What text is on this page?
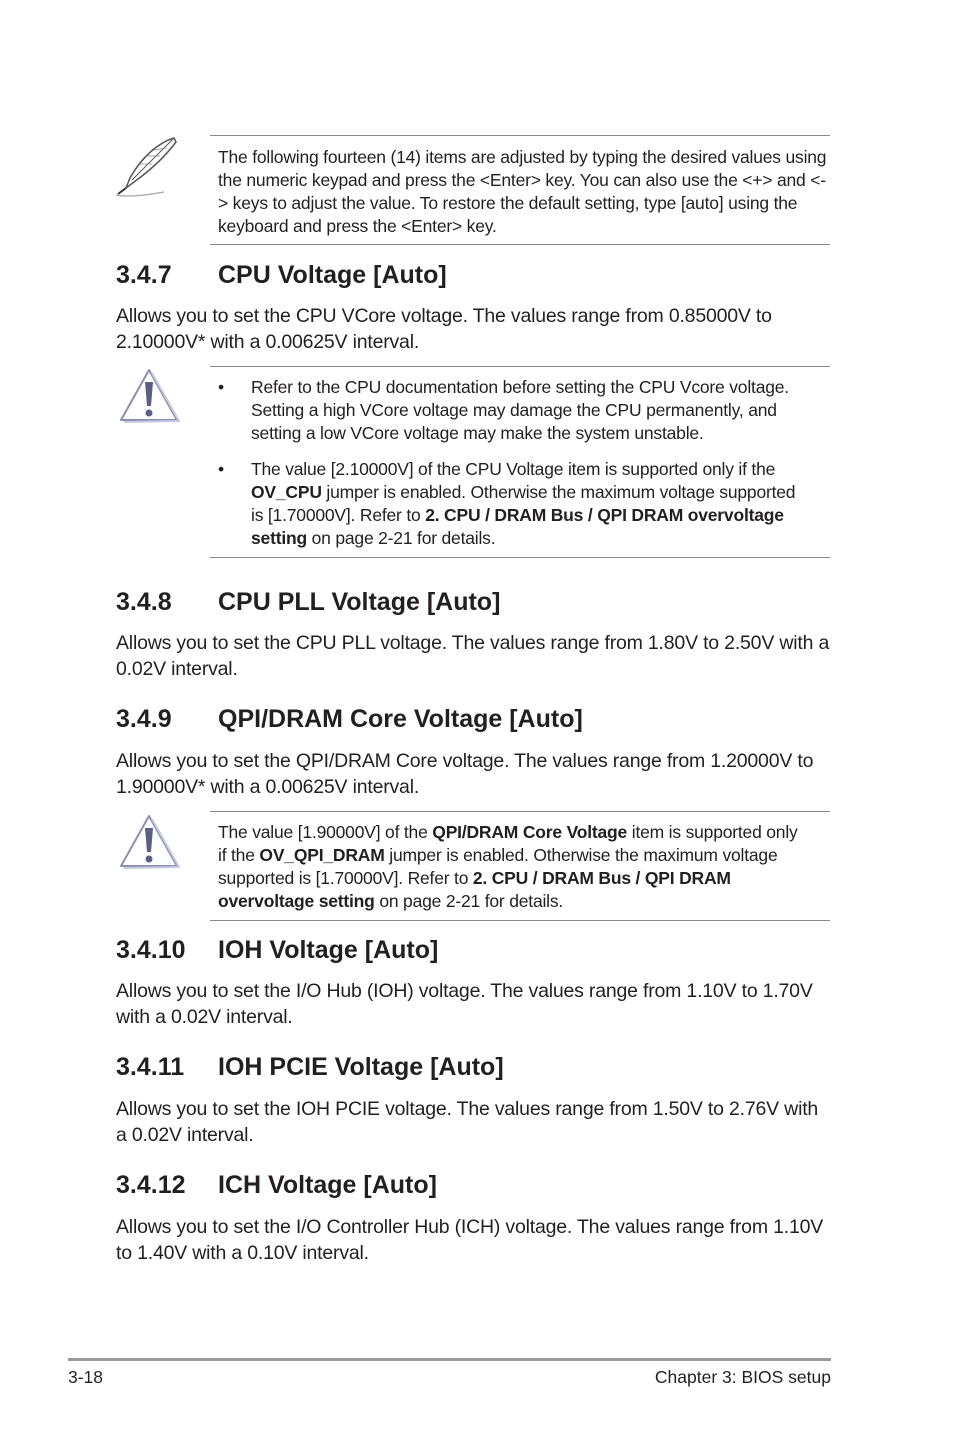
The following fourteen (14) items are adjusted by typing the desired values using the numeric keypad and press the <Enter> key. You can also use the <+> and <-> keys to adjust the value. To restore the default setting, type [auto] using the keyboard and press the <Enter> key.
3.4.7 CPU Voltage [Auto]
Allows you to set the CPU VCore voltage. The values range from 0.85000V to 2.10000V* with a 0.00625V interval.
• Refer to the CPU documentation before setting the CPU Vcore voltage. Setting a high VCore voltage may damage the CPU permanently, and setting a low VCore voltage may make the system unstable.
• The value [2.10000V] of the CPU Voltage item is supported only if the OV_CPU jumper is enabled. Otherwise the maximum voltage supported is [1.70000V]. Refer to 2. CPU / DRAM Bus / QPI DRAM overvoltage setting on page 2-21 for details.
3.4.8 CPU PLL Voltage [Auto]
Allows you to set the CPU PLL voltage. The values range from 1.80V to 2.50V with a 0.02V interval.
3.4.9 QPI/DRAM Core Voltage [Auto]
Allows you to set the QPI/DRAM Core voltage. The values range from 1.20000V to 1.90000V* with a 0.00625V interval.
The value [1.90000V] of the QPI/DRAM Core Voltage item is supported only if the OV_QPI_DRAM jumper is enabled. Otherwise the maximum voltage supported is [1.70000V]. Refer to 2. CPU / DRAM Bus / QPI DRAM overvoltage setting on page 2-21 for details.
3.4.10 IOH Voltage [Auto]
Allows you to set the I/O Hub (IOH) voltage. The values range from 1.10V to 1.70V with a 0.02V interval.
3.4.11 IOH PCIE Voltage [Auto]
Allows you to set the IOH PCIE voltage. The values range from 1.50V to 2.76V with a 0.02V interval.
3.4.12 ICH Voltage [Auto]
Allows you to set the I/O Controller Hub (ICH) voltage. The values range from 1.10V to 1.40V with a 0.10V interval.
3-18	Chapter 3: BIOS setup
